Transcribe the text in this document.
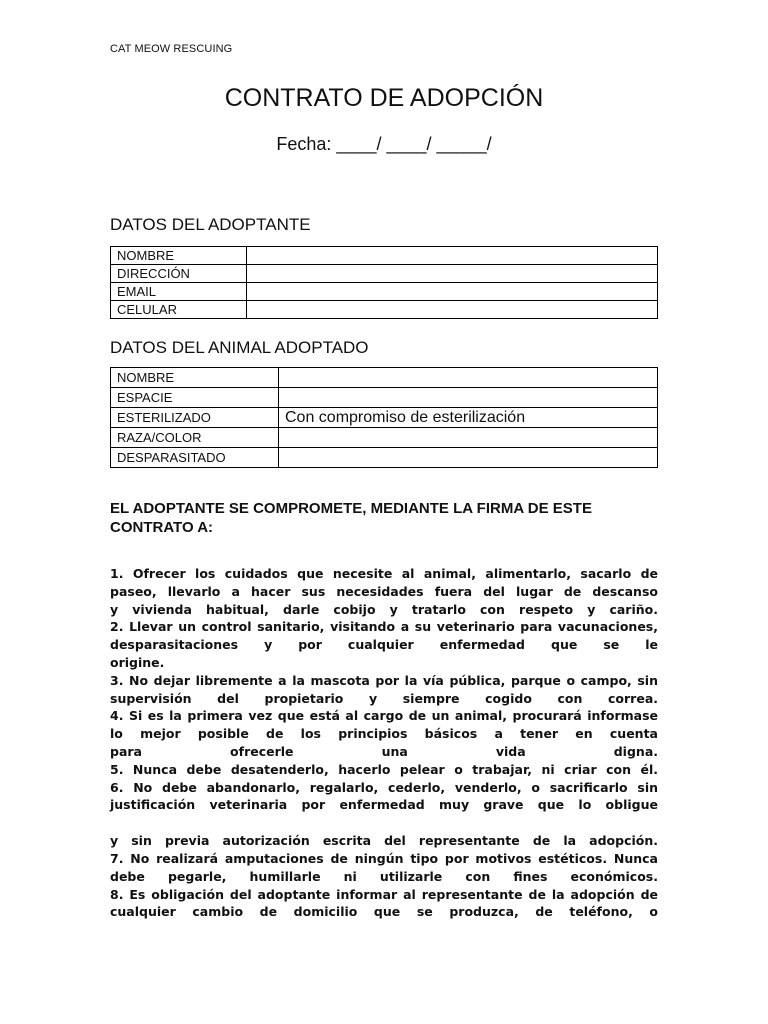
CAT MEOW RESCUING
CONTRATO DE ADOPCIÓN
Fecha: ____/ ____/ _____/
DATOS DEL ADOPTANTE
NOMBRE	
DIRECCIÓN	
EMAIL	
CELULAR	
DATOS DEL ANIMAL ADOPTADO
NOMBRE	
ESPACIE	
ESTERILIZADO	Con compromiso de esterilización
RAZA/COLOR	
DESPARASITADO	
EL ADOPTANTE SE COMPROMETE, MEDIANTE LA FIRMA DE ESTE CONTRATO A:

1. Ofrecer los cuidados que necesite al animal, alimentarlo, sacarlo de

paseo, llevarlo a hacer sus necesidades fuera del lugar de descanso

y vivienda habitual, darle cobijo y tratarlo con respeto y cariño.

2. Llevar un control sanitario, visitando a su veterinario para vacunaciones,

desparasitaciones y por cualquier enfermedad que se le

origine.

3. No dejar libremente a la mascota por la vía pública, parque o campo, sin

supervisión del propietario y siempre cogido con correa.

4. Si es la primera vez que está al cargo de un animal, procurará informase

lo mejor posible de los principios básicos a tener en cuenta

para ofrecerle una vida digna.

5. Nunca debe desatenderlo, hacerlo pelear o trabajar, ni criar con él.

6. No debe abandonarlo, regalarlo, cederlo, venderlo, o sacrificarlo sin

justificación veterinaria por enfermedad muy grave que lo obligue

y sin previa autorización escrita del representante de la adopción.

7. No realizará amputaciones de ningún tipo por motivos estéticos. Nunca

debe pegarle, humillarle ni utilizarle con fines económicos.

8. Es obligación del adoptante informar al representante de la adopción de

cualquier cambio de domicilio que se produzca, de teléfono, o
